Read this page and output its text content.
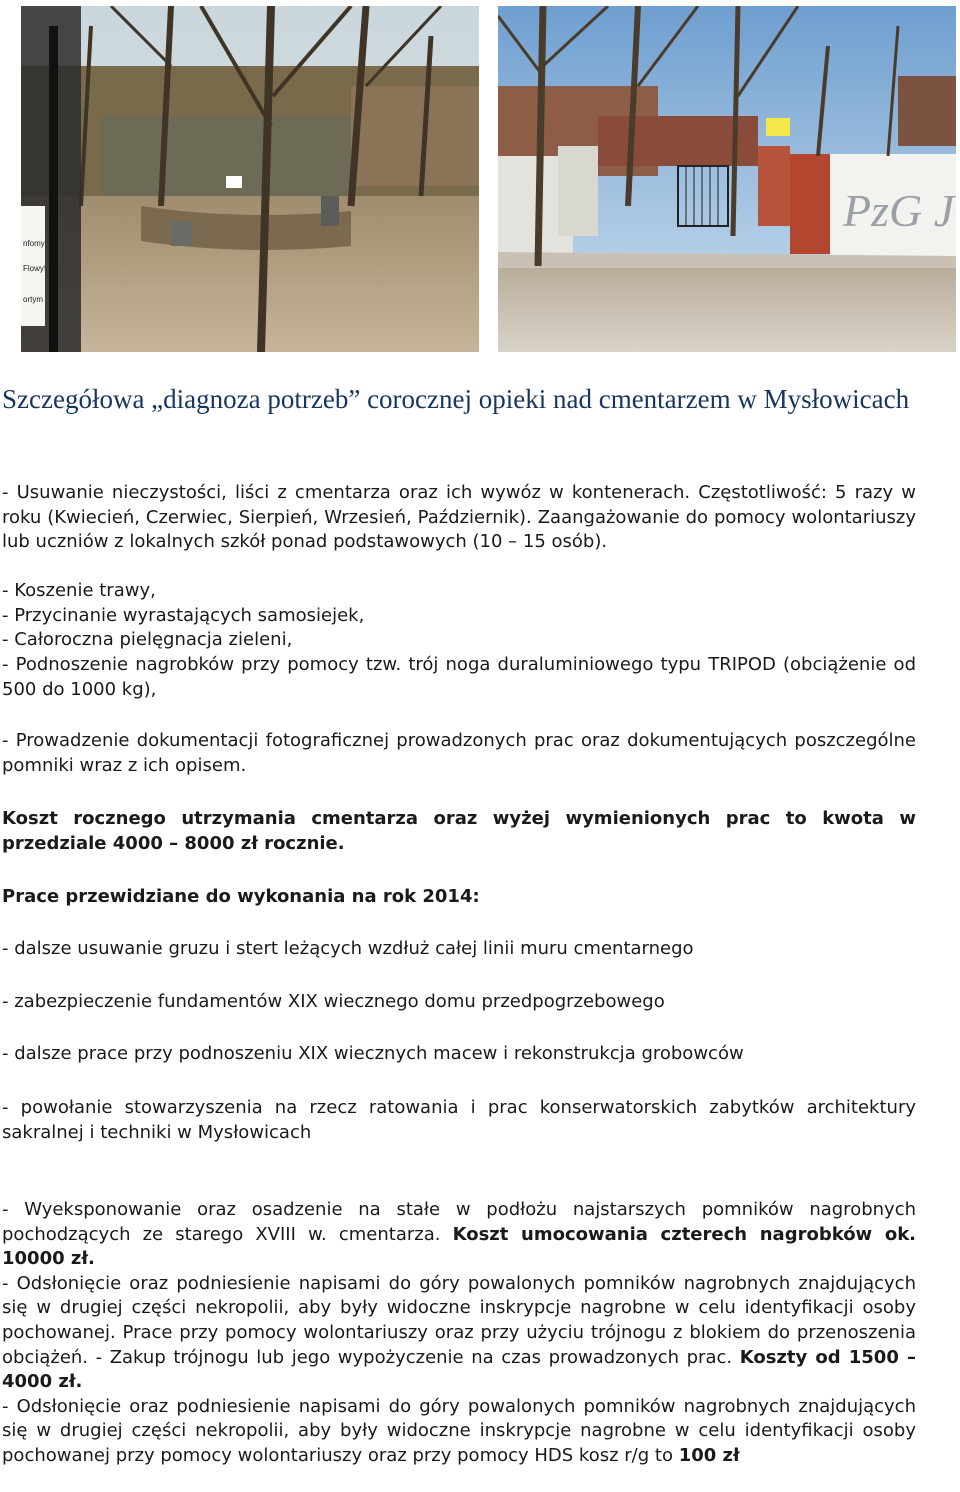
nfomy
Flowy!
ortym
PzG J
Szczegółowa „diagnoza potrzeb” corocznej opieki nad cmentarzem w Mysłowicach

- Usuwanie nieczystości, liści z cmentarza oraz ich wywóz w kontenerach. Częstotliwość: 5 razy w roku (Kwiecień, Czerwiec, Sierpień, Wrzesień, Październik). Zaangażowanie do pomocy wolontariuszy lub uczniów z lokalnych szkół ponad podstawowych (10 – 15 osób).

- Koszenie trawy,

- Przycinanie wyrastających samosiejek,

- Całoroczna pielęgnacja zieleni,

- Podnoszenie nagrobków przy pomocy tzw. trój noga duraluminiowego typu TRIPOD (obciążenie od 500 do 1000 kg),

- Prowadzenie dokumentacji fotograficznej prowadzonych prac oraz dokumentujących poszczególne pomniki wraz z ich opisem.

Koszt rocznego utrzymania cmentarza oraz wyżej wymienionych prac to kwota w przedziale 4000 – 8000 zł rocznie.

Prace przewidziane do wykonania na rok 2014:

- dalsze usuwanie gruzu i stert leżących wzdłuż całej linii muru cmentarnego

- zabezpieczenie fundamentów XIX wiecznego domu przedpogrzebowego

- dalsze prace przy podnoszeniu XIX wiecznych macew i rekonstrukcja grobowców

- powołanie stowarzyszenia na rzecz ratowania i prac konserwatorskich zabytków architektury sakralnej i techniki w Mysłowicach

- Wyeksponowanie oraz osadzenie na stałe w podłożu najstarszych pomników nagrobnych pochodzących ze starego XVIII w. cmentarza. Koszt umocowania czterech nagrobków ok. 10000 zł.
- Odsłonięcie oraz podniesienie napisami do góry powalonych pomników nagrobnych znajdujących się w drugiej części nekropolii, aby były widoczne inskrypcje nagrobne w celu identyfikacji osoby pochowanej. Prace przy pomocy wolontariuszy oraz przy użyciu trójnogu z blokiem do przenoszenia obciążeń. - Zakup trójnogu lub jego wypożyczenie na czas prowadzonych prac. Koszty od 1500 – 4000 zł.
- Odsłonięcie oraz podniesienie napisami do góry powalonych pomników nagrobnych znajdujących się w drugiej części nekropolii, aby były widoczne inskrypcje nagrobne w celu identyfikacji osoby pochowanej przy pomocy wolontariuszy oraz przy pomocy HDS kosz r/g to 100 zł
